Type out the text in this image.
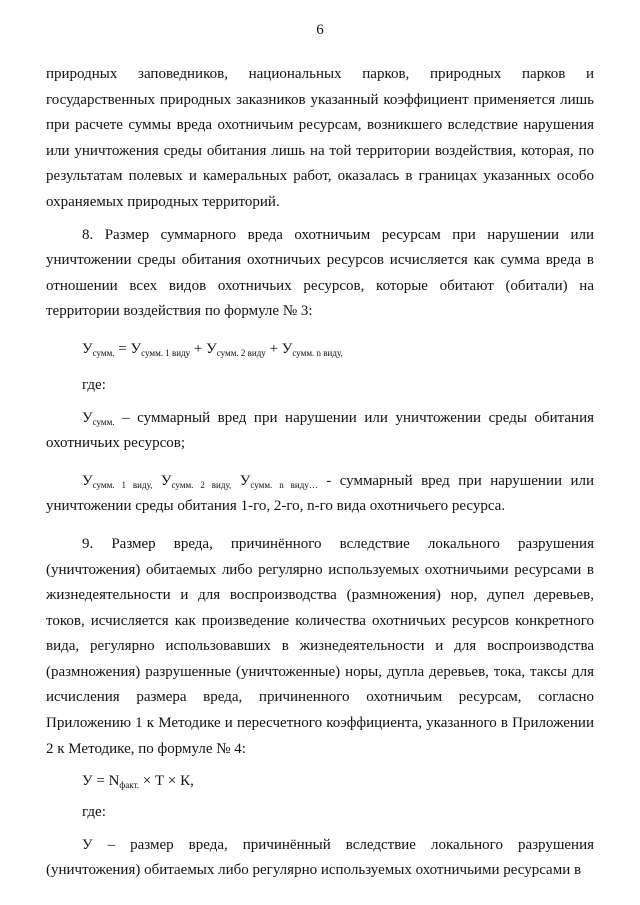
6

природных заповедников, национальных парков, природных парков и государственных природных заказников указанный коэффициент применяется лишь при расчете суммы вреда охотничьим ресурсам, возникшего вследствие нарушения или уничтожения среды обитания лишь на той территории воздействия, которая, по результатам полевых и камеральных работ, оказалась в границах указанных особо охраняемых природных территорий.

8. Размер суммарного вреда охотничьим ресурсам при нарушении или уничтожении среды обитания охотничьих ресурсов исчисляется как сумма вреда в отношении всех видов охотничьих ресурсов, которые обитают (обитали) на территории воздействия по формуле № 3:

$У_{сумм.} = У_{сумм. 1 виду} + У_{сумм. 2 виду} + У_{сумм. n виду,}$

где:

$У_{сумм.}$ – суммарный вред при нарушении или уничтожении среды обитания охотничьих ресурсов;

$У_{сумм. 1 виду,}$ $У_{сумм. 2 виду,}$ $У_{сумм. n виду\dots}$ - суммарный вред при нарушении или уничтожении среды обитания 1-го, 2-го, n-го вида охотничьего ресурса.

9. Размер вреда, причинённого вследствие локального разрушения (уничтожения) обитаемых либо регулярно используемых охотничьими ресурсами в жизнедеятельности и для воспроизводства (размножения) нор, дупел деревьев, токов, исчисляется как произведение количества охотничьих ресурсов конкретного вида, регулярно использовавших в жизнедеятельности и для воспроизводства (размножения) разрушенные (уничтоженные) норы, дупла деревьев, тока, таксы для исчисления размера вреда, причиненного охотничьим ресурсам, согласно Приложению 1 к Методике и пересчетного коэффициента, указанного в Приложении 2 к Методике, по формуле № 4:

$У = N_{факт.} \times Т \times К$,

где:

У – размер вреда, причинённый вследствие локального разрушения (уничтожения) обитаемых либо регулярно используемых охотничьими ресурсами в
